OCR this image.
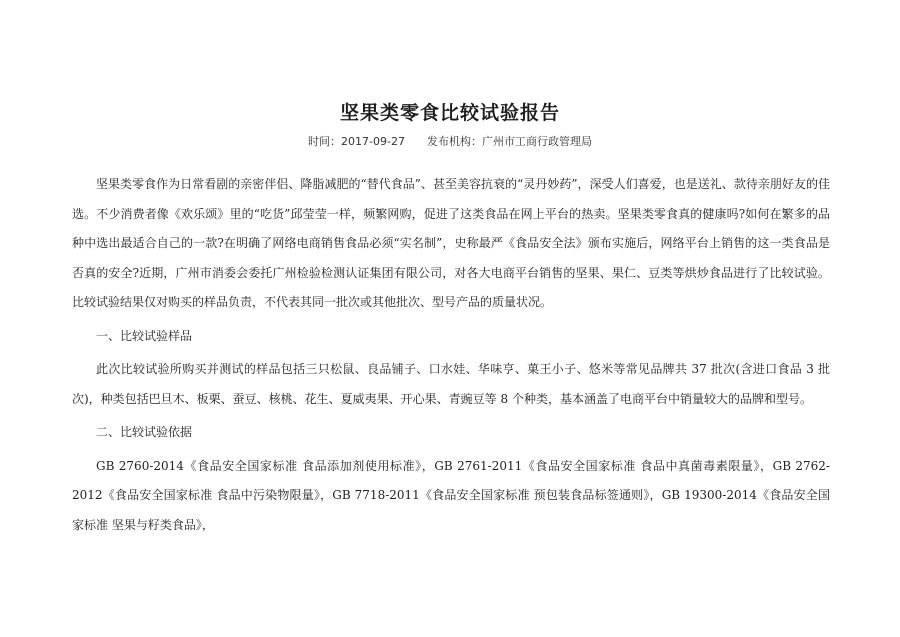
坚果类零食比较试验报告
时间：2017-09-27 发布机构：广州市工商行政管理局

坚果类零食作为日常看剧的亲密伴侣、降脂减肥的“替代食品”、甚至美容抗衰的“灵丹妙药”，深受人们喜爱，也是送礼、款待亲朋好友的佳选。不少消费者像《欢乐颂》里的“吃货”邱莹莹一样，频繁网购，促进了这类食品在网上平台的热卖。坚果类零食真的健康吗?如何在繁多的品种中选出最适合自己的一款?在明确了网络电商销售食品必须“实名制”，史称最严《食品安全法》颁布实施后，网络平台上销售的这一类食品是否真的安全?近期，广州市消委会委托广州检验检测认证集团有限公司，对各大电商平台销售的坚果、果仁、豆类等烘炒食品进行了比较试验。比较试验结果仅对购买的样品负责，不代表其同一批次或其他批次、型号产品的质量状况。

一、比较试验样品

此次比较试验所购买并测试的样品包括三只松鼠、良品铺子、口水娃、华味亨、菓王小子、悠米等常见品牌共 37 批次(含进口食品 3 批次)，种类包括巴旦木、板栗、蚕豆、核桃、花生、夏威夷果、开心果、青豌豆等 8 个种类，基本涵盖了电商平台中销量较大的品牌和型号。

二、比较试验依据

GB 2760-2014《食品安全国家标准 食品添加剂使用标准》，GB 2761-2011《食品安全国家标准 食品中真菌毒素限量》，GB 2762-2012《食品安全国家标准 食品中污染物限量》，GB 7718-2011《食品安全国家标准 预包装食品标签通则》，GB 19300-2014《食品安全国家标准 坚果与籽类食品》，
